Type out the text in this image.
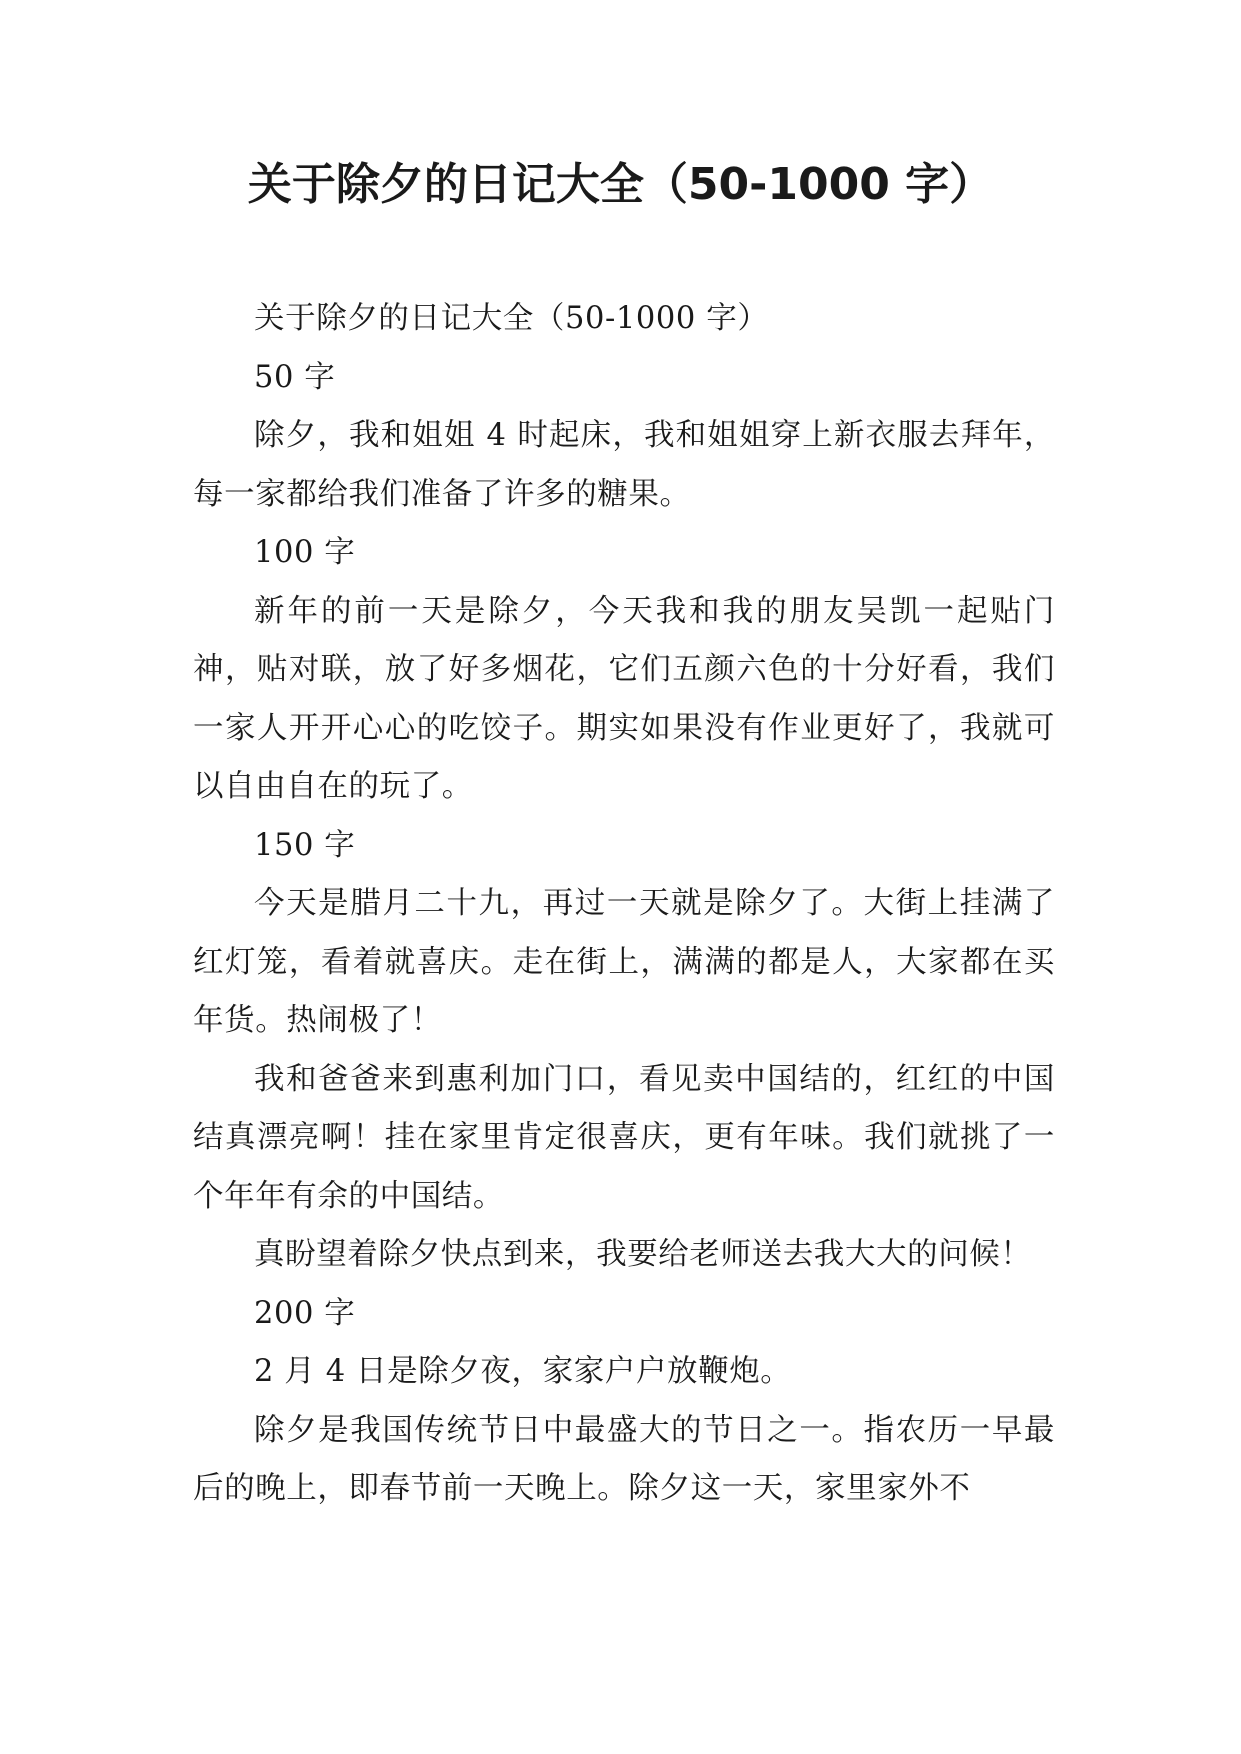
关于除夕的日记大全（50-1000 字）

关于除夕的日记大全（50-1000 字）

50 字

除夕，我和姐姐 4 时起床，我和姐姐穿上新衣服去拜年，每一家都给我们准备了许多的糖果。

100 字

新年的前一天是除夕，今天我和我的朋友吴凯一起贴门神，贴对联，放了好多烟花，它们五颜六色的十分好看，我们一家人开开心心的吃饺子。期实如果没有作业更好了，我就可以自由自在的玩了。

150 字

今天是腊月二十九，再过一天就是除夕了。大街上挂满了红灯笼，看着就喜庆。走在街上，满满的都是人，大家都在买年货。热闹极了！

我和爸爸来到惠利加门口，看见卖中国结的，红红的中国结真漂亮啊！挂在家里肯定很喜庆，更有年味。我们就挑了一个年年有余的中国结。

真盼望着除夕快点到来，我要给老师送去我大大的问候！

200 字

2 月 4 日是除夕夜，家家户户放鞭炮。

除夕是我国传统节日中最盛大的节日之一。指农历一早最后的晚上，即春节前一天晚上。除夕这一天，家里家外不
